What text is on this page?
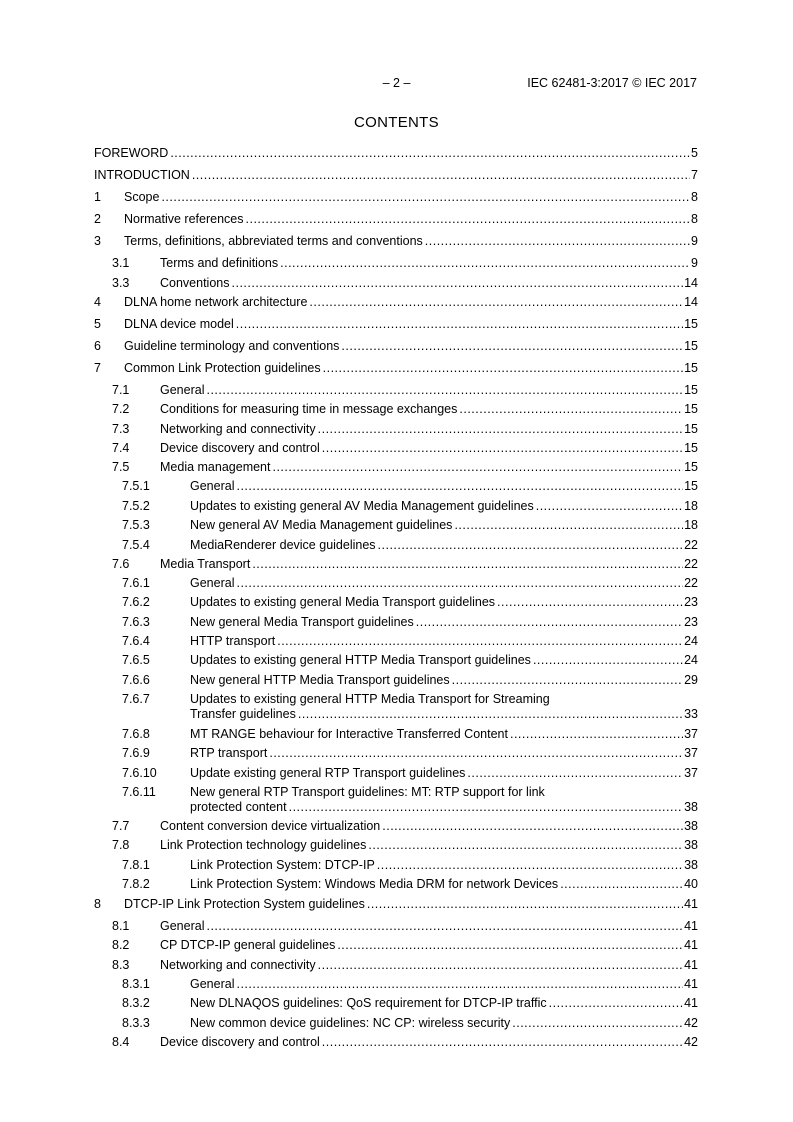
– 2 –	IEC 62481-3:2017 © IEC 2017
CONTENTS
FOREWORD .....	5
INTRODUCTION .....	7
1 Scope .....	8
2 Normative references .....	8
3 Terms, definitions, abbreviated terms and conventions .....	9
3.1 Terms and definitions .....	9
3.3 Conventions .....	14
4 DLNA home network architecture .....	14
5 DLNA device model .....	15
6 Guideline terminology and conventions .....	15
7 Common Link Protection guidelines .....	15
7.1 General .....	15
7.2 Conditions for measuring time in message exchanges .....	15
7.3 Networking and connectivity .....	15
7.4 Device discovery and control .....	15
7.5 Media management .....	15
7.5.1	General .....	15
7.5.2	Updates to existing general AV Media Management guidelines .....	18
7.5.3	New general AV Media Management guidelines .....	18
7.5.4	MediaRenderer device guidelines .....	22
7.6 Media Transport .....	22
7.6.1	General .....	22
7.6.2	Updates to existing general Media Transport guidelines .....	23
7.6.3	New general Media Transport guidelines .....	23
7.6.4	HTTP transport .....	24
7.6.5	Updates to existing general HTTP Media Transport guidelines .....	24
7.6.6	New general HTTP Media Transport guidelines .....	29
7.6.7	Updates to existing general HTTP Media Transport for Streaming
Transfer guidelines .....	33
7.6.8	MT RANGE behaviour for Interactive Transferred Content .....	37
7.6.9	RTP transport .....	37
7.6.10	Update existing general RTP Transport guidelines .....	37
7.6.11	New general RTP Transport guidelines: MT: RTP support for link
protected content .....	38
7.7 Content conversion device virtualization .....	38
7.8 Link Protection technology guidelines .....	38
7.8.1	Link Protection System: DTCP-IP .....	38
7.8.2	Link Protection System: Windows Media DRM for network Devices .....	40
8 DTCP-IP Link Protection System guidelines .....	41
8.1 General .....	41
8.2 CP DTCP-IP general guidelines .....	41
8.3 Networking and connectivity .....	41
8.3.1	General .....	41
8.3.2	New DLNAQOS guidelines: QoS requirement for DTCP-IP traffic .....	41
8.3.3	New common device guidelines: NC CP: wireless security .....	42
8.4 Device discovery and control .....	42
